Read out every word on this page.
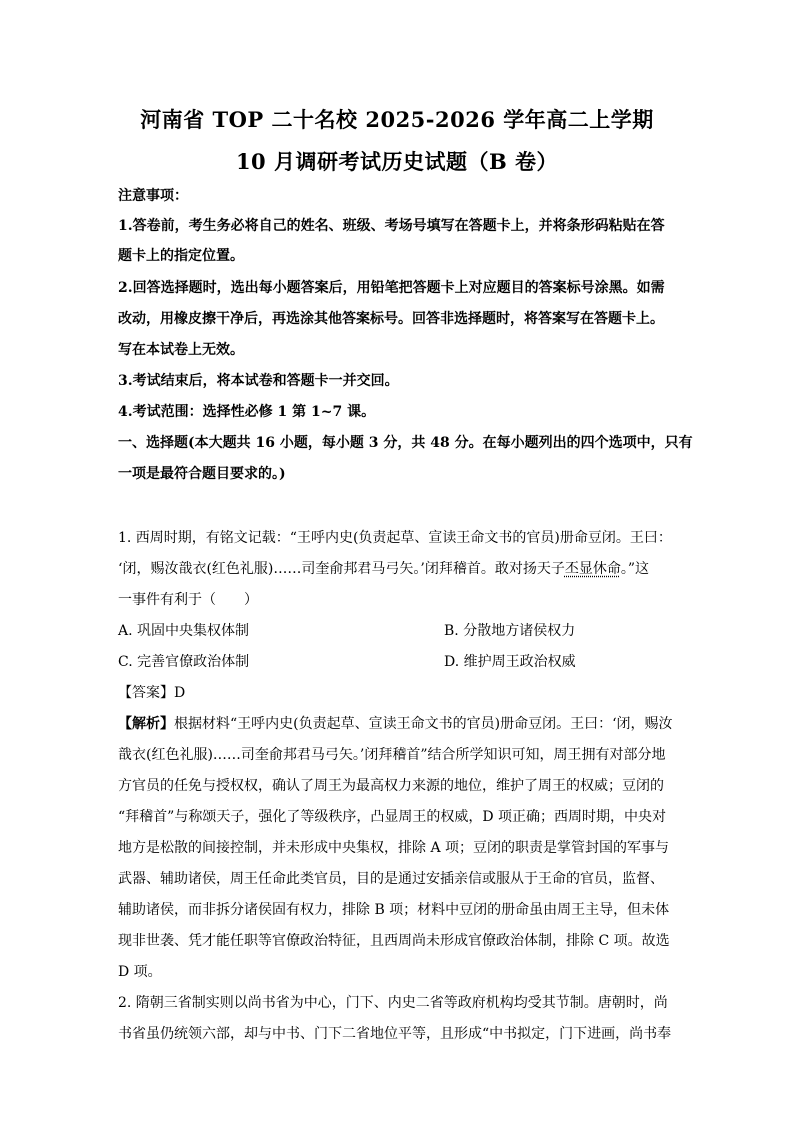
河南省 TOP 二十名校 2025-2026 学年高二上学期
10 月调研考试历史试题（B 卷）
注意事项：
1.答卷前，考生务必将自己的姓名、班级、考场号填写在答题卡上，并将条形码粘贴在答
题卡上的指定位置。
2.回答选择题时，选出每小题答案后，用铅笔把答题卡上对应题目的答案标号涂黑。如需
改动，用橡皮擦干净后，再选涂其他答案标号。回答非选择题时，将答案写在答题卡上。
写在本试卷上无效。
3.考试结束后，将本试卷和答题卡一并交回。
4.考试范围：选择性必修 1 第 1~7 课。
一、选择题(本大题共 16 小题，每小题 3 分，共 48 分。在每小题列出的四个选项中，只有
一项是最符合题目要求的。)
1. 西周时期，有铭文记载：“王呼内史(负责起草、宣读王命文书的官员)册命豆闭。王曰：
‘闭，赐汝戠衣(红色礼服)……司奎俞邦君马弓矢。’闭拜稽首。敢对扬天子丕显休命。”这
一事件有利于（　　）
A. 巩固中央集权体制	B. 分散地方诸侯权力
C. 完善官僚政治体制	D. 维护周王政治权威
【答案】D
【解析】根据材料“王呼内史(负责起草、宣读王命文书的官员)册命豆闭。王曰：‘闭，赐汝
戠衣(红色礼服)……司奎俞邦君马弓矢。’闭拜稽首”结合所学知识可知，周王拥有对部分地
方官员的任免与授权权，确认了周王为最高权力来源的地位，维护了周王的权威；豆闭的
“拜稽首”与称颂天子，强化了等级秩序，凸显周王的权威，D 项正确；西周时期，中央对
地方是松散的间接控制，并未形成中央集权，排除 A 项；豆闭的职责是掌管封国的军事与
武器、辅助诸侯，周王任命此类官员，目的是通过安插亲信或服从于王命的官员，监督、
辅助诸侯，而非拆分诸侯固有权力，排除 B 项；材料中豆闭的册命虽由周王主导，但未体
现非世袭、凭才能任职等官僚政治特征，且西周尚未形成官僚政治体制，排除 C 项。故选
D 项。
2. 隋朝三省制实则以尚书省为中心，门下、内史二省等政府机构均受其节制。唐朝时，尚
书省虽仍统领六部，却与中书、门下二省地位平等，且形成“中书拟定，门下进画，尚书奉
